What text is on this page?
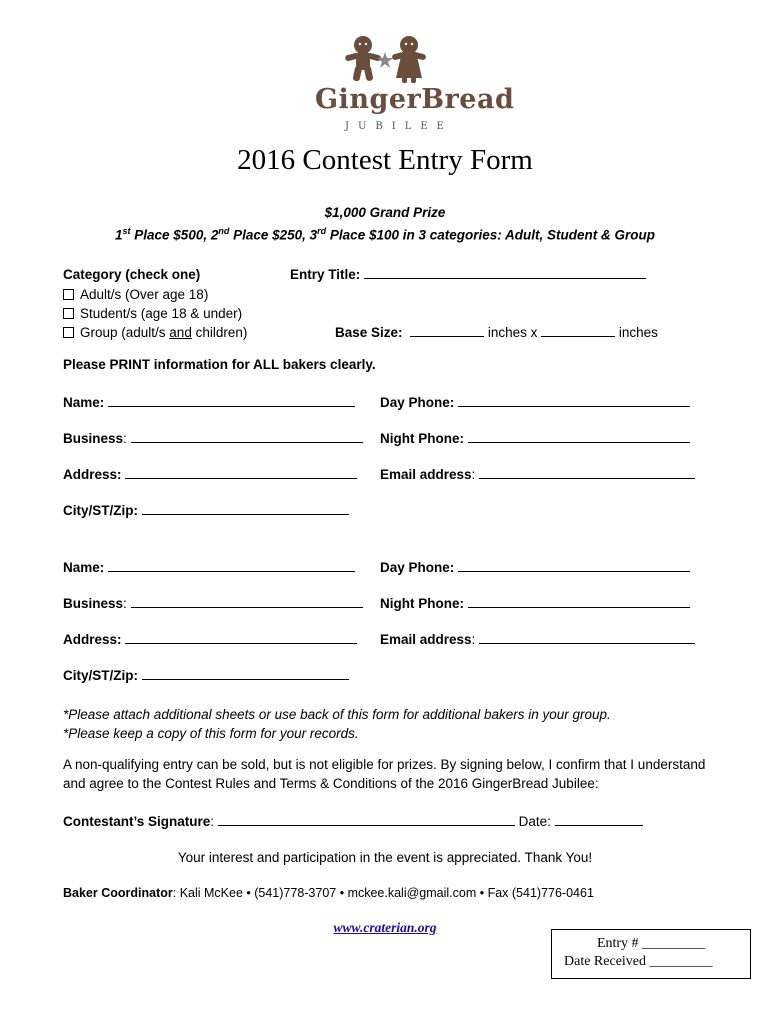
GingerBread
JUBILEE
2016 Contest Entry Form
$1,000 Grand Prize
1st Place $500, 2nd Place $250, 3rd Place $100 in 3 categories: Adult, Student & Group
Category (check one)
Adult/s (Over age 18)
Student/s (age 18 & under)
Group (adult/s and children)
Entry Title:
Base Size:	inches x	inches
Please PRINT information for ALL bakers clearly.
Name:	Day Phone:
Business:	Night Phone:
Address:	Email address:
City/ST/Zip:
Name:	Day Phone:
Business:	Night Phone:
Address:	Email address:
City/ST/Zip:
*Please attach additional sheets or use back of this form for additional bakers in your group.
*Please keep a copy of this form for your records.
A non-qualifying entry can be sold, but is not eligible for prizes. By signing below, I confirm that I understand
and agree to the Contest Rules and Terms & Conditions of the 2016 GingerBread Jubilee:
Contestant’s Signature:	Date:
Your interest and participation in the event is appreciated. Thank You!
Baker Coordinator: Kali McKee • (541)778-3707 • mckee.kali@gmail.com • Fax (541)776-0461
www.craterian.org
Entry # _________
Date Received _________
